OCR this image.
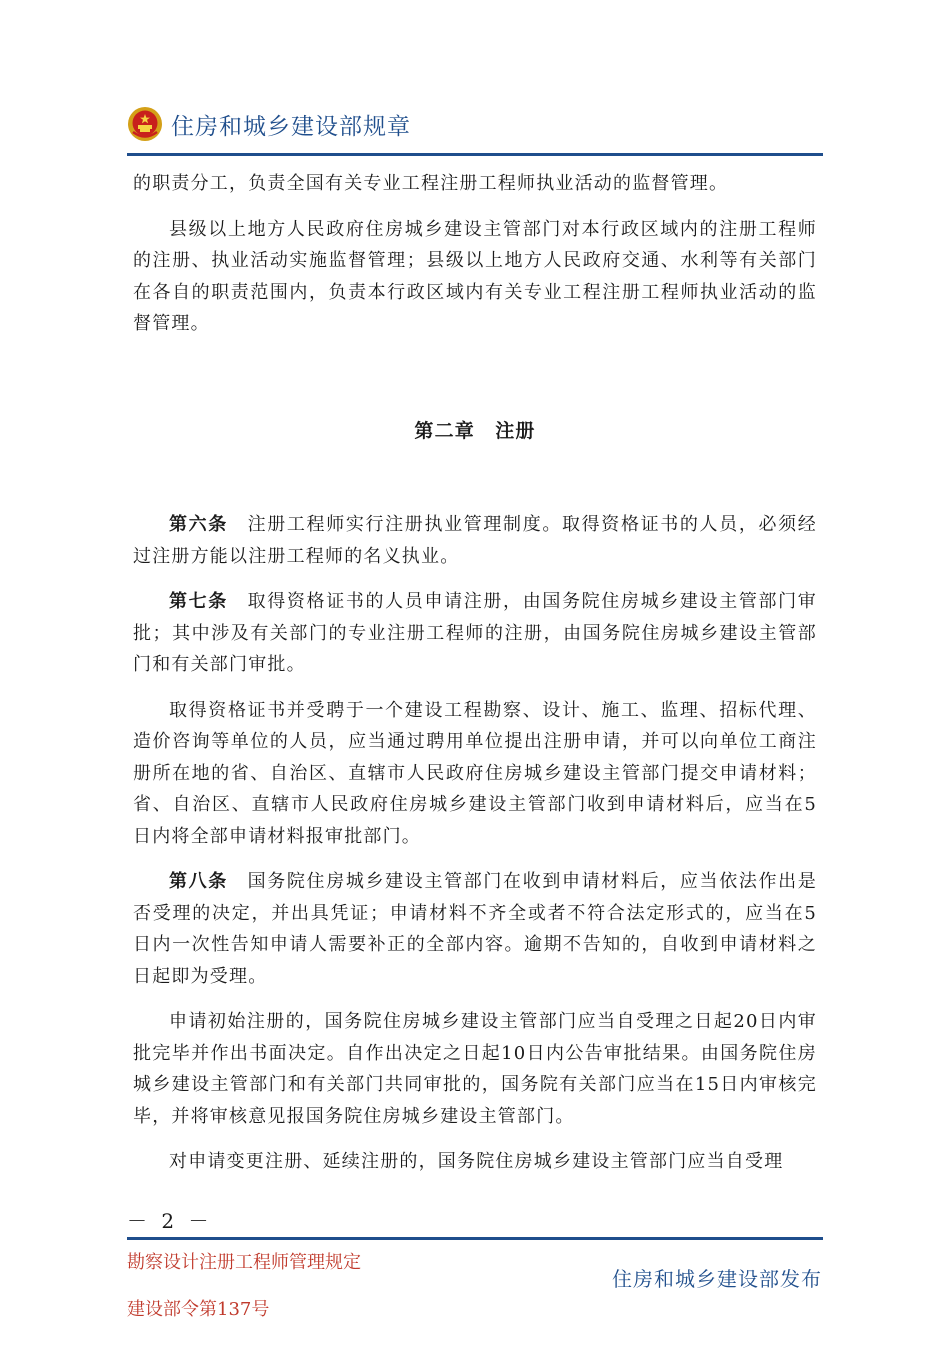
住房和城乡建设部规章

的职责分工，负责全国有关专业工程注册工程师执业活动的监督管理。

县级以上地方人民政府住房城乡建设主管部门对本行政区域内的注册工程师的注册、执业活动实施监督管理；县级以上地方人民政府交通、水利等有关部门在各自的职责范围内，负责本行政区域内有关专业工程注册工程师执业活动的监督管理。

第二章　注册

第六条　注册工程师实行注册执业管理制度。取得资格证书的人员，必须经过注册方能以注册工程师的名义执业。

第七条　取得资格证书的人员申请注册，由国务院住房城乡建设主管部门审批；其中涉及有关部门的专业注册工程师的注册，由国务院住房城乡建设主管部门和有关部门审批。

取得资格证书并受聘于一个建设工程勘察、设计、施工、监理、招标代理、造价咨询等单位的人员，应当通过聘用单位提出注册申请，并可以向单位工商注册所在地的省、自治区、直辖市人民政府住房城乡建设主管部门提交申请材料；省、自治区、直辖市人民政府住房城乡建设主管部门收到申请材料后，应当在5日内将全部申请材料报审批部门。

第八条　国务院住房城乡建设主管部门在收到申请材料后，应当依法作出是否受理的决定，并出具凭证；申请材料不齐全或者不符合法定形式的，应当在5日内一次性告知申请人需要补正的全部内容。逾期不告知的，自收到申请材料之日起即为受理。

申请初始注册的，国务院住房城乡建设主管部门应当自受理之日起20日内审批完毕并作出书面决定。自作出决定之日起10日内公告审批结果。由国务院住房城乡建设主管部门和有关部门共同审批的，国务院有关部门应当在15日内审核完毕，并将审核意见报国务院住房城乡建设主管部门。

对申请变更注册、延续注册的，国务院住房城乡建设主管部门应当自受理

－ 2 －
勘察设计注册工程师管理规定
住房和城乡建设部发布
建设部令第137号
